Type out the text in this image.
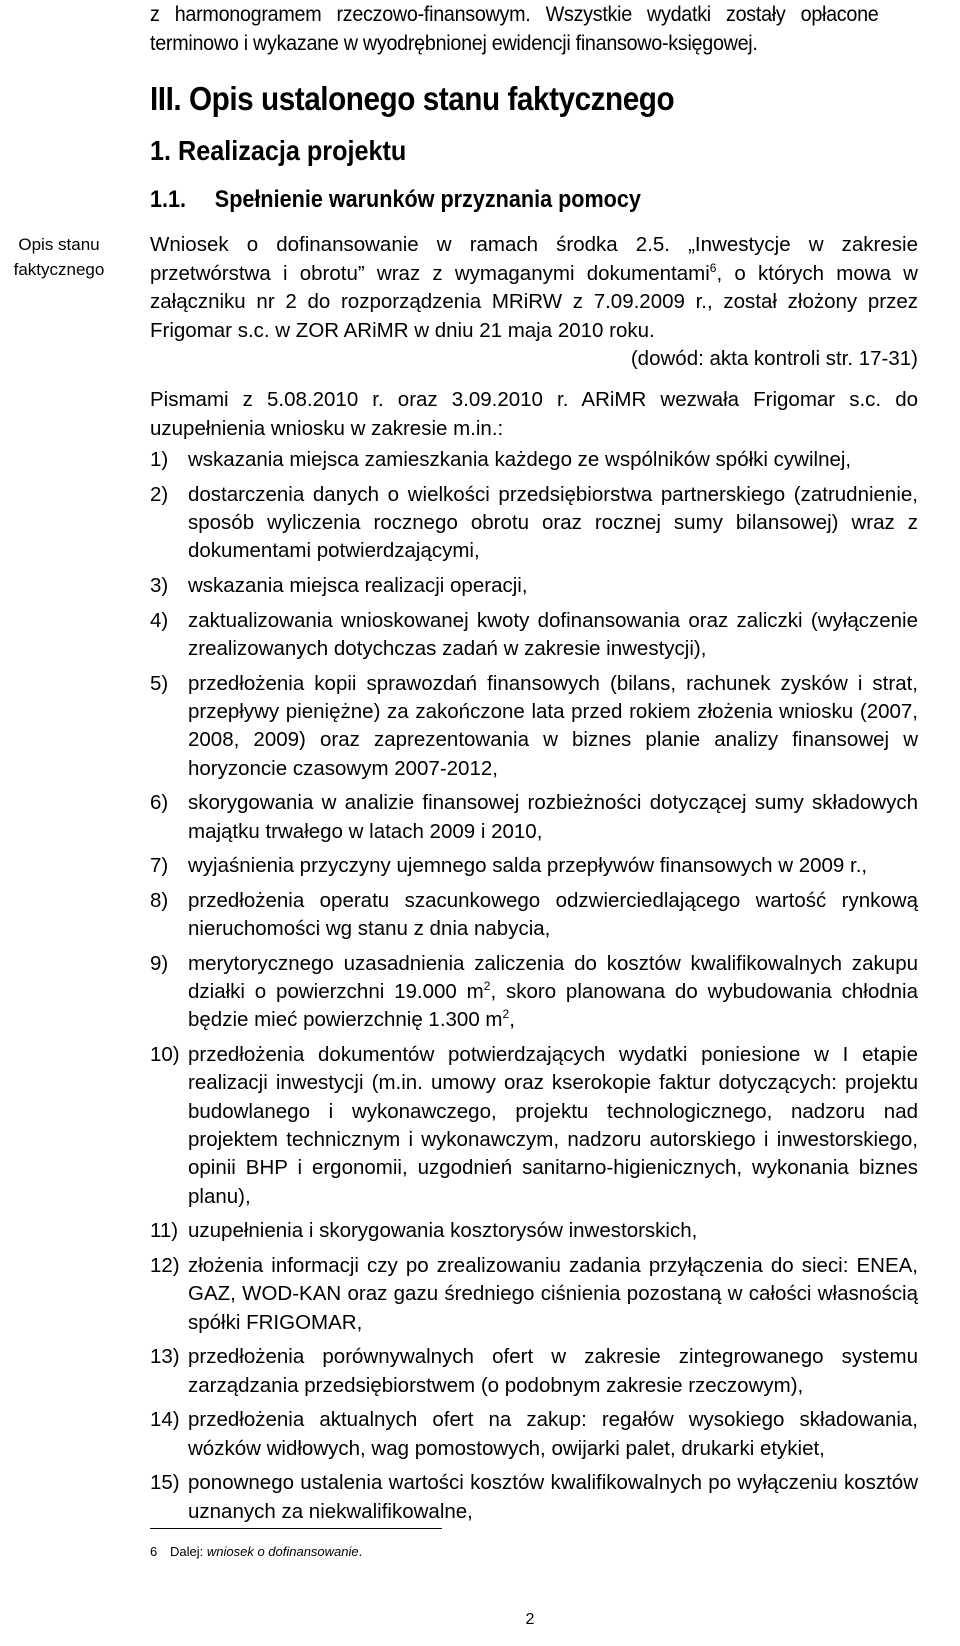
z harmonogramem rzeczowo-finansowym. Wszystkie wydatki zostały opłacone terminowo i wykazane w wyodrębnionej ewidencji finansowo-księgowej.
III. Opis ustalonego stanu faktycznego
1. Realizacja projektu
1.1. Spełnienie warunków przyznania pomocy
Opis stanu faktycznego
Wniosek o dofinansowanie w ramach środka 2.5. „Inwestycje w zakresie przetwórstwa i obrotu” wraz z wymaganymi dokumentami$^6$, o których mowa w załączniku nr 2 do rozporządzenia MRiRW z 7.09.2009 r., został złożony przez Frigomar s.c. w ZOR ARiMR w dniu 21 maja 2010 roku.
(dowód: akta kontroli str. 17-31)
Pismami z 5.08.2010 r. oraz 3.09.2010 r. ARiMR wezwała Frigomar s.c. do uzupełnienia wniosku w zakresie m.in.:
1) wskazania miejsca zamieszkania każdego ze wspólników spółki cywilnej,
2) dostarczenia danych o wielkości przedsiębiorstwa partnerskiego (zatrudnienie, sposób wyliczenia rocznego obrotu oraz rocznej sumy bilansowej) wraz z dokumentami potwierdzającymi,
3) wskazania miejsca realizacji operacji,
4) zaktualizowania wnioskowanej kwoty dofinansowania oraz zaliczki (wyłączenie zrealizowanych dotychczas zadań w zakresie inwestycji),
5) przedłożenia kopii sprawozdań finansowych (bilans, rachunek zysków i strat, przepływy pieniężne) za zakończone lata przed rokiem złożenia wniosku (2007, 2008, 2009) oraz zaprezentowania w biznes planie analizy finansowej w horyzoncie czasowym 2007-2012,
6) skorygowania w analizie finansowej rozbieżności dotyczącej sumy składowych majątku trwałego w latach 2009 i 2010,
7) wyjaśnienia przyczyny ujemnego salda przepływów finansowych w 2009 r.,
8) przedłożenia operatu szacunkowego odzwierciedlającego wartość rynkową nieruchomości wg stanu z dnia nabycia,
9) merytorycznego uzasadnienia zaliczenia do kosztów kwalifikowalnych zakupu działki o powierzchni 19.000 $m^2$, skoro planowana do wybudowania chłodnia będzie mieć powierzchnię 1.300 $m^2$,
10) przedłożenia dokumentów potwierdzających wydatki poniesione w I etapie realizacji inwestycji (m.in. umowy oraz kserokopie faktur dotyczących: projektu budowlanego i wykonawczego, projektu technologicznego, nadzoru nad projektem technicznym i wykonawczym, nadzoru autorskiego i inwestorskiego, opinii BHP i ergonomii, uzgodnień sanitarno-higienicznych, wykonania biznes planu),
11) uzupełnienia i skorygowania kosztorysów inwestorskich,
12) złożenia informacji czy po zrealizowaniu zadania przyłączenia do sieci: ENEA, GAZ, WOD-KAN oraz gazu średniego ciśnienia pozostaną w całości własnością spółki FRIGOMAR,
13) przedłożenia porównywalnych ofert w zakresie zintegrowanego systemu zarządzania przedsiębiorstwem (o podobnym zakresie rzeczowym),
14) przedłożenia aktualnych ofert na zakup: regałów wysokiego składowania, wózków widłowych, wag pomostowych, owijarki palet, drukarki etykiet,
15) ponownego ustalenia wartości kosztów kwalifikowalnych po wyłączeniu kosztów uznanych za niekwalifikowalne,
6 Dalej: wniosek o dofinansowanie.
2
